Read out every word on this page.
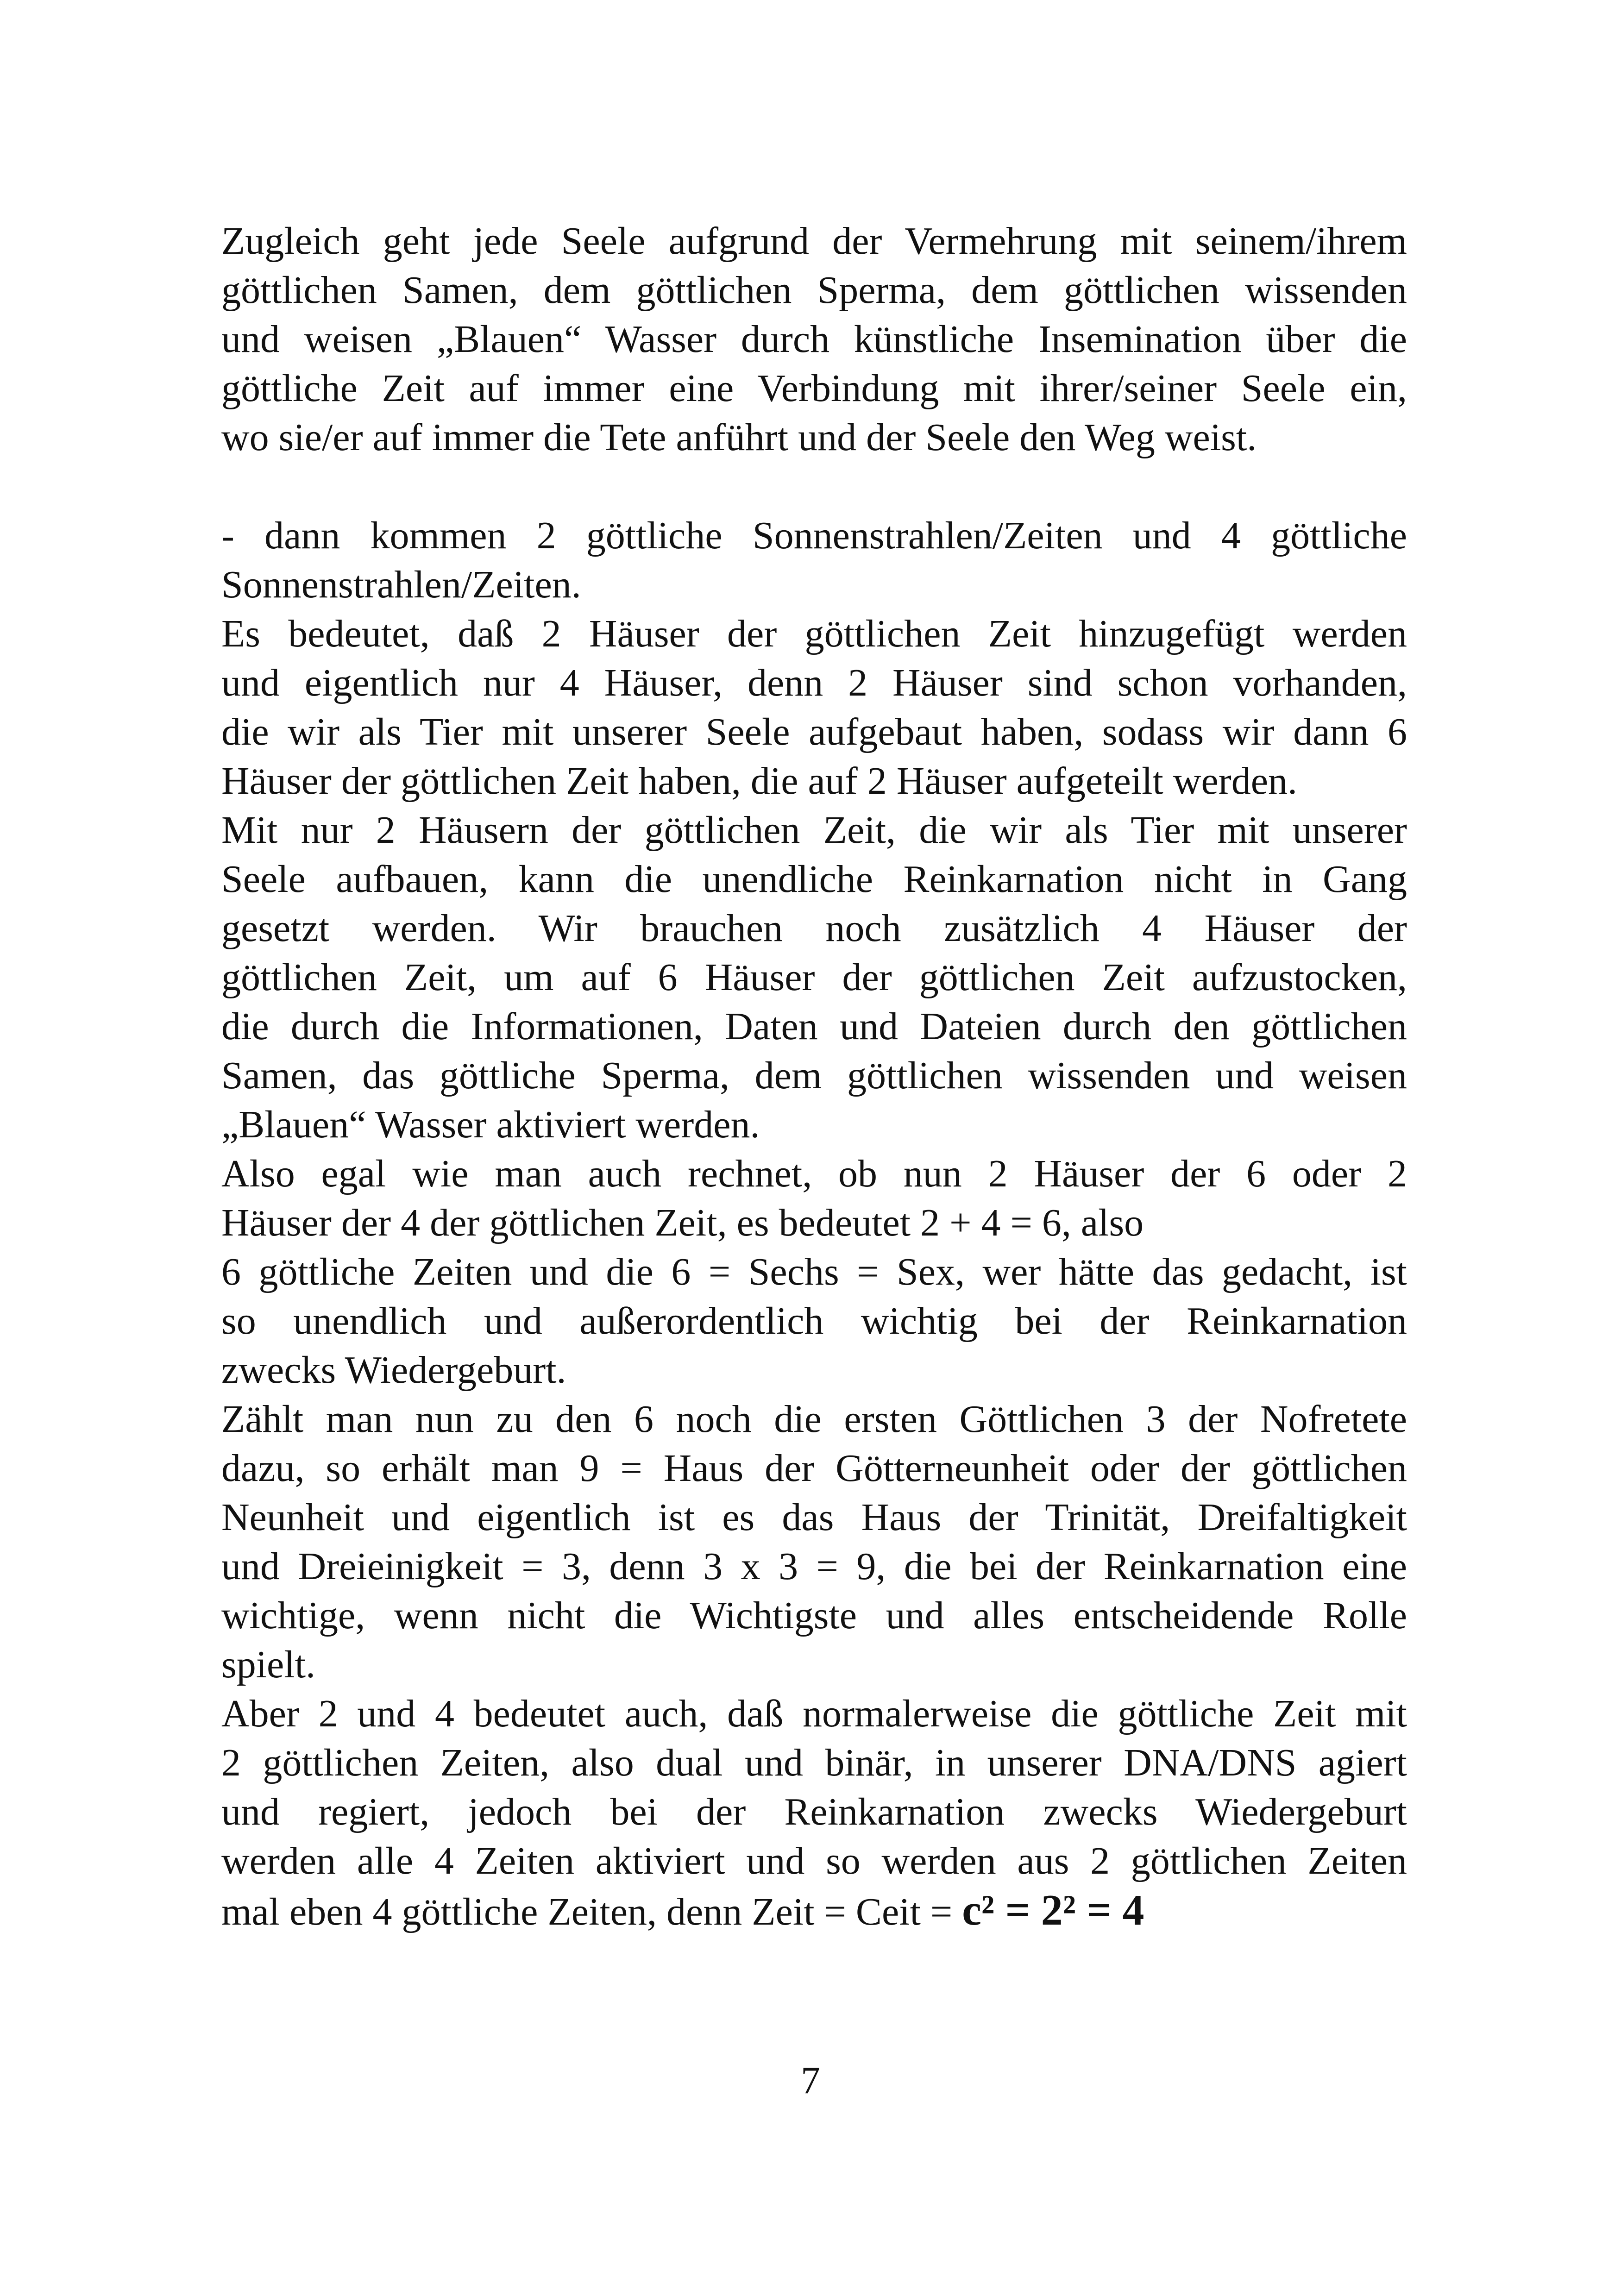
Zugleich geht jede Seele aufgrund der Vermehrung mit seinem/ihrem
göttlichen Samen, dem göttlichen Sperma, dem göttlichen wissenden
und weisen „Blauen“ Wasser durch künstliche Insemination über die
göttliche Zeit auf immer eine Verbindung mit ihrer/seiner Seele ein,
wo sie/er auf immer die Tete anführt und der Seele den Weg weist.

- dann kommen 2 göttliche Sonnenstrahlen/Zeiten und 4 göttliche
Sonnenstrahlen/Zeiten.

Es bedeutet, daß 2 Häuser der göttlichen Zeit hinzugefügt werden
und eigentlich nur 4 Häuser, denn 2 Häuser sind schon vorhanden,
die wir als Tier mit unserer Seele aufgebaut haben, sodass wir dann 6
Häuser der göttlichen Zeit haben, die auf 2 Häuser aufgeteilt werden.

Mit nur 2 Häusern der göttlichen Zeit, die wir als Tier mit unserer
Seele aufbauen, kann die unendliche Reinkarnation nicht in Gang
gesetzt werden. Wir brauchen noch zusätzlich 4 Häuser der
göttlichen Zeit, um auf 6 Häuser der göttlichen Zeit aufzustocken,
die durch die Informationen, Daten und Dateien durch den göttlichen
Samen, das göttliche Sperma, dem göttlichen wissenden und weisen
„Blauen“ Wasser aktiviert werden.

Also egal wie man auch rechnet, ob nun 2 Häuser der 6 oder 2
Häuser der 4 der göttlichen Zeit, es bedeutet 2 + 4 = 6, also

6 göttliche Zeiten und die 6 = Sechs = Sex, wer hätte das gedacht, ist
so unendlich und außerordentlich wichtig bei der Reinkarnation
zwecks Wiedergeburt.

Zählt man nun zu den 6 noch die ersten Göttlichen 3 der Nofretete
dazu, so erhält man 9 = Haus der Götterneunheit oder der göttlichen
Neunheit und eigentlich ist es das Haus der Trinität, Dreifaltigkeit
und Dreieinigkeit = 3, denn 3 x 3 = 9, die bei der Reinkarnation eine
wichtige, wenn nicht die Wichtigste und alles entscheidende Rolle
spielt.

Aber 2 und 4 bedeutet auch, daß normalerweise die göttliche Zeit mit
2 göttlichen Zeiten, also dual und binär, in unserer DNA/DNS agiert
und regiert, jedoch bei der Reinkarnation zwecks Wiedergeburt
werden alle 4 Zeiten aktiviert und so werden aus 2 göttlichen Zeiten
mal eben 4 göttliche Zeiten, denn Zeit = Ceit = c² = 2² = 4

7
